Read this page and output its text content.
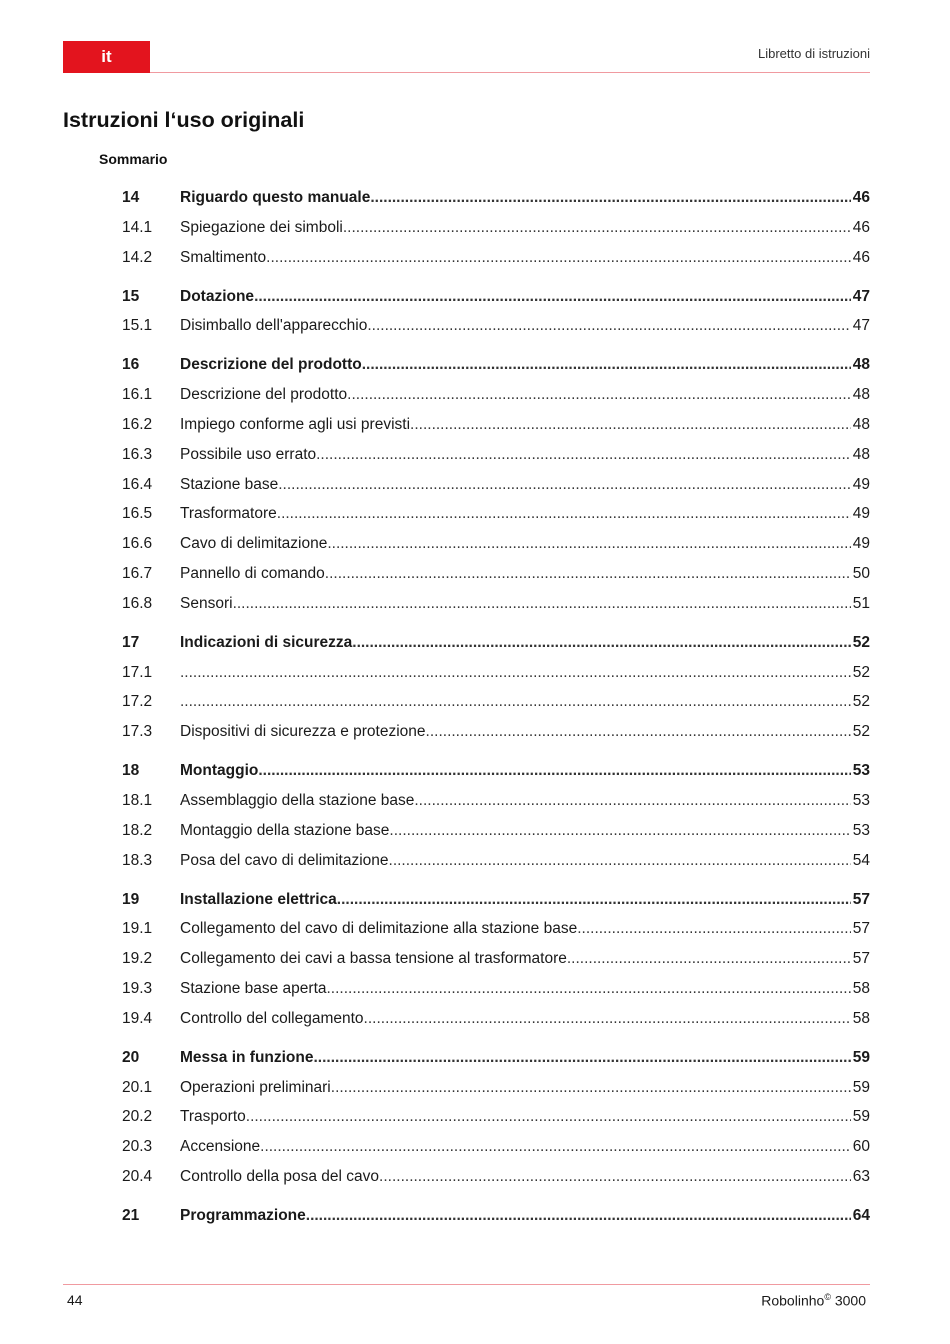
it	Libretto di istruzioni
Istruzioni l‘uso originali
Sommario
14	Riguardo questo manuale .....	46
14.1	Spiegazione dei simboli .....	46
14.2	Smaltimento .....	46
15	Dotazione .....	47
15.1	Disimballo dell'apparecchio .....	47
16	Descrizione del prodotto .....	48
16.1	Descrizione del prodotto .....	48
16.2	Impiego conforme agli usi previsti .....	48
16.3	Possibile uso errato .....	48
16.4	Stazione base .....	49
16.5	Trasformatore .....	49
16.6	Cavo di delimitazione .....	49
16.7	Pannello di comando .....	50
16.8	Sensori .....	51
17	Indicazioni di sicurezza .....	52
17.1 .....	52
17.2 .....	52
17.3	Dispositivi di sicurezza e protezione .....	52
18	Montaggio .....	53
18.1	Assemblaggio della stazione base .....	53
18.2	Montaggio della stazione base .....	53
18.3	Posa del cavo di delimitazione .....	54
19	Installazione elettrica .....	57
19.1	Collegamento del cavo di delimitazione alla stazione base .....	57
19.2	Collegamento dei cavi a bassa tensione al trasformatore .....	57
19.3	Stazione base aperta .....	58
19.4	Controllo del collegamento .....	58
20	Messa in funzione .....	59
20.1	Operazioni preliminari .....	59
20.2	Trasporto .....	59
20.3	Accensione .....	60
20.4	Controllo della posa del cavo .....	63
21	Programmazione .....	64
44	Robolinho© 3000
